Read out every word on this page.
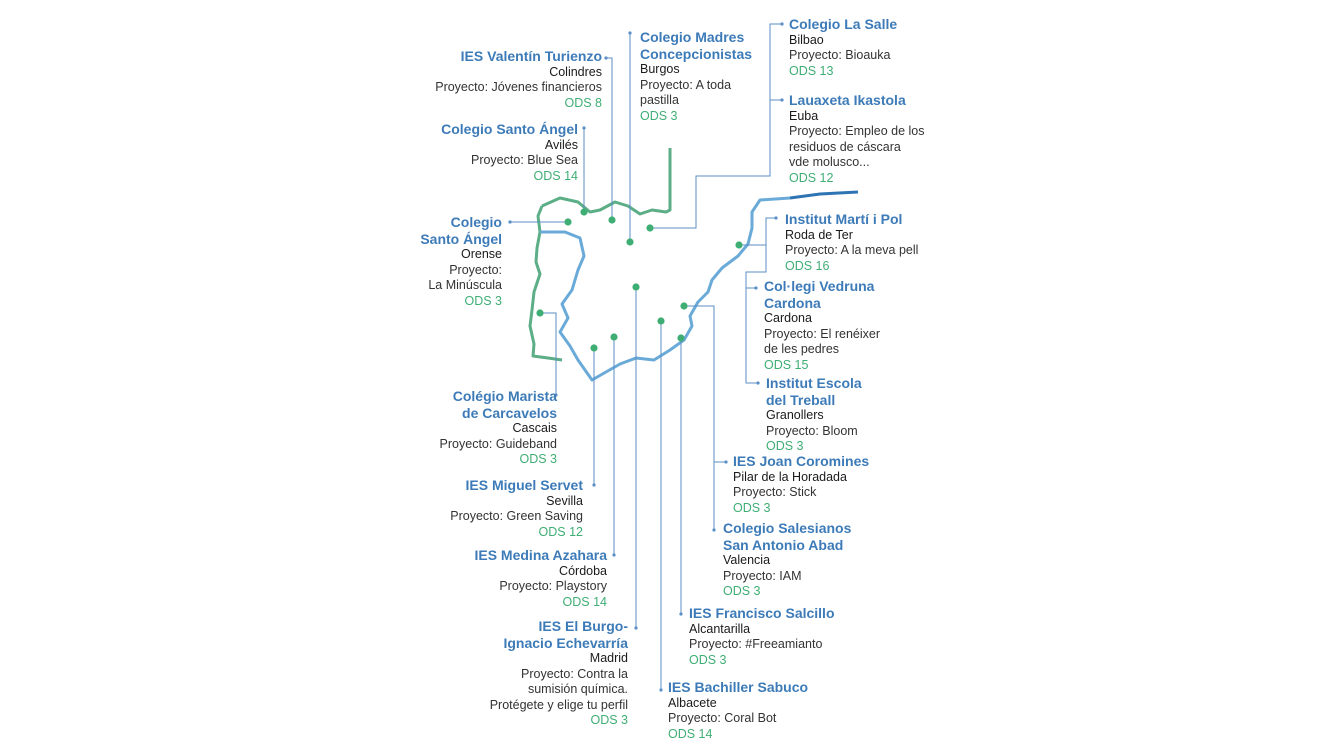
IES Valentín Turienzo
Colindres
Proyecto: Jóvenes financieros
ODS 8
Colegio Santo Ángel
Avilés
Proyecto: Blue Sea
ODS 14
Colegio
Santo Ángel
Orense
Proyecto:
La Minúscula
ODS 3
Colégio Marista
de Carcavelos
Cascais
Proyecto: Guideband
ODS 3
IES Miguel Servet
Sevilla
Proyecto: Green Saving
ODS 12
IES Medina Azahara
Córdoba
Proyecto: Playstory
ODS 14
IES El Burgo-
Ignacio Echevarría
Madrid
Proyecto: Contra la
sumisión química.
Protégete y elige tu perfil
ODS 3
Colegio Madres
Concepcionistas
Burgos
Proyecto: A toda
pastilla
ODS 3
Colegio La Salle
Bilbao
Proyecto: Bioauka
ODS 13
Lauaxeta Ikastola
Euba
Proyecto: Empleo de los
residuos de cáscara
vde molusco...
ODS 12
Institut Martí i Pol
Roda de Ter
Proyecto: A la meva pell
ODS 16
Col·legi Vedruna
Cardona
Cardona
Proyecto: El renéixer
de les pedres
ODS 15
Institut Escola
del Treball
Granollers
Proyecto: Bloom
ODS 3
IES Joan Coromines
Pilar de la Horadada
Proyecto: Stick
ODS 3
Colegio Salesianos
San Antonio Abad
Valencia
Proyecto: IAM
ODS 3
IES Francisco Salcillo
Alcantarilla
Proyecto: #Freeamianto
ODS 3
IES Bachiller Sabuco
Albacete
Proyecto: Coral Bot
ODS 14
